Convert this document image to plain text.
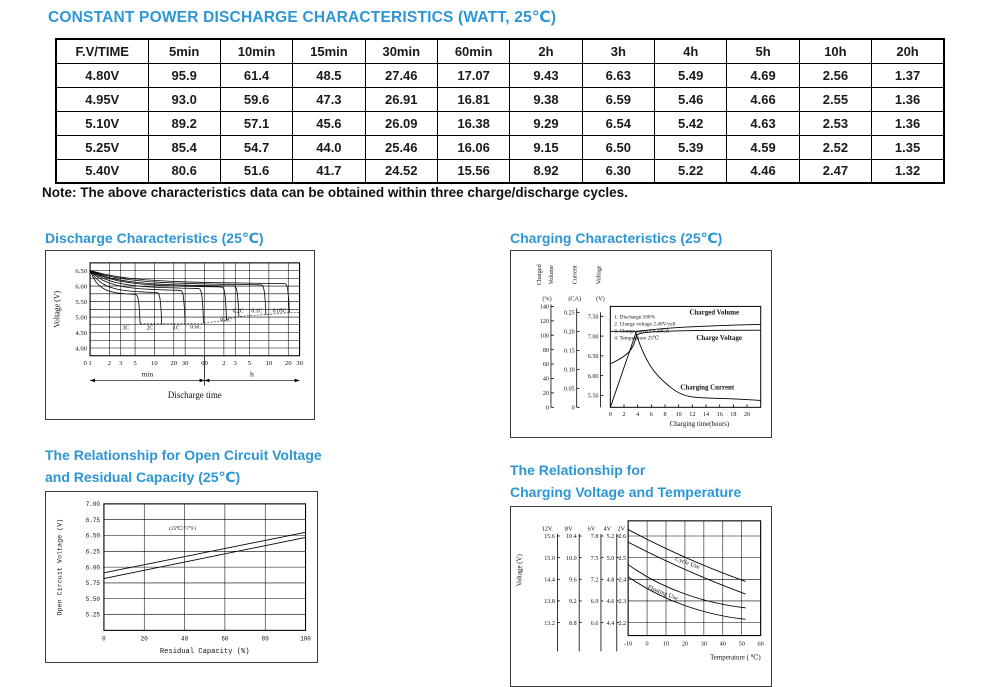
CONSTANT POWER DISCHARGE CHARACTERISTICS (WATT, 25℃)
F.V/TIME	5min	10min	15min	30min	60min	2h	3h	4h	5h	10h	20h
4.80V	95.9	61.4	48.5	27.46	17.07	9.43	6.63	5.49	4.69	2.56	1.37
4.95V	93.0	59.6	47.3	26.91	16.81	9.38	6.59	5.46	4.66	2.55	1.36
5.10V	89.2	57.1	45.6	26.09	16.38	9.29	6.54	5.42	4.63	2.53	1.36
5.25V	85.4	54.7	44.0	25.46	16.06	9.15	6.50	5.39	4.59	2.52	1.35
5.40V	80.6	51.6	41.7	24.52	15.56	8.92	6.30	5.22	4.46	2.47	1.32
Note: The above characteristics data can be obtained within three charge/discharge cycles.
Discharge Characteristics (25℃)
6.50
6.00
5.50
5.00
4.50
4.00
0 1 2 3 5 10 20 30 60 2 3 5 10 20 30
Voltage (V)
3C	2C	1C 0.6C
0.3C
0.2C 0.1C 0.05C
min	h
Discharge time
Charging Characteristics (25℃)
Charged Volume	Current	Voltage
(%)	(CA) (V)
0
20
40
60
80
100
120
140
0
0.05
0.10
0.15
0.20
0.25
5.50
6.00
6.50
7.00
7.50
0 2 4 6 8 10 12 14 16 18 20
Charging time(hours)
1. Discharge:100%
2. Charge voltage 2.40V/cell
3. Charge current:0.20CA
4. Temperature 25℃
Charged Volume
Charge Voltage
Charging Current
The Relationship for Open Circuit Voltage
and Residual Capacity (25℃)
7.00
6.75
6.50
6.25
6.00
5.75
5.50
5.25
0	20	40	60	80	100
Open Circuit Voltage (V)
Residual Capacity (%)
(25℃/77°F)
The Relationship for
Charging Voltage and Temperature
-10 0 10 20 30 40 50 60
Temperature ( ℃)
Voltage (V)
12V
15.6
15.0
14.4
13.8
13.2
8V
10.4
10.0
9.6
9.2
8.8
6V
7.8
7.5
7.2
6.9
6.6
4V
5.2
5.0
4.8
4.6
4.4
2V
2.6
2.5
2.4
2.3
2.2
Cycle Use
Floating Use
